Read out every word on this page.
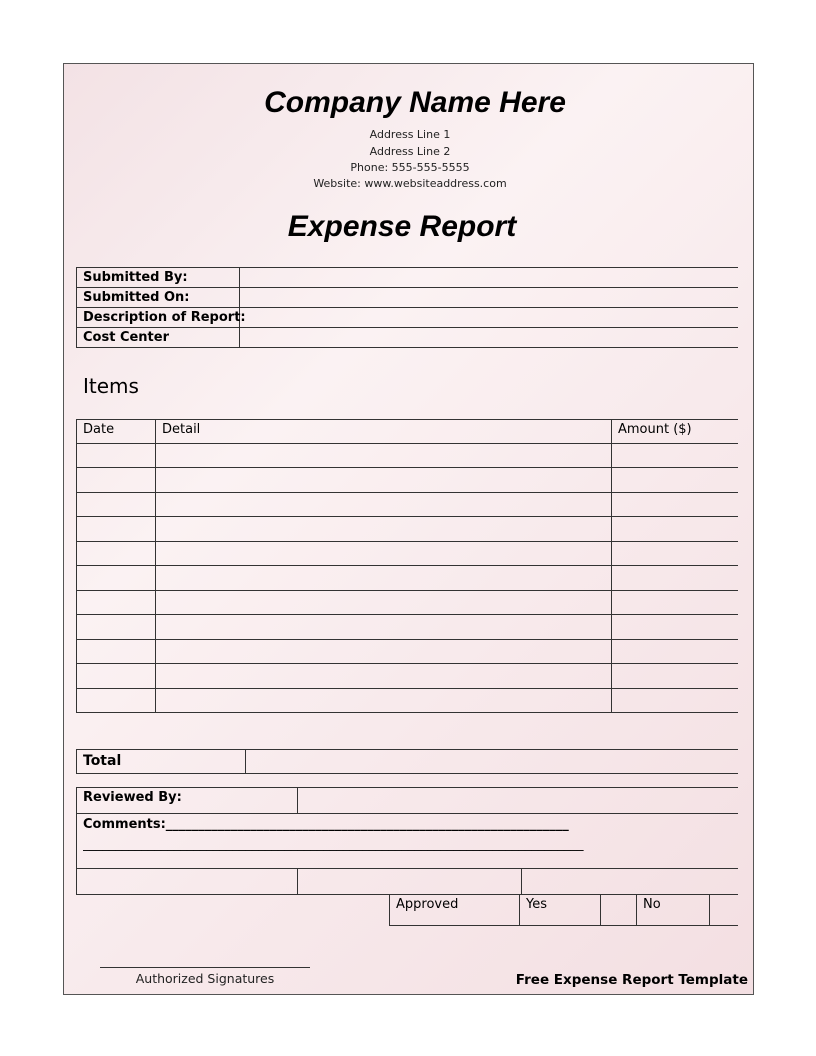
Company Name Here
Address Line 1
Address Line 2
Phone: 555-555-5555
Website: www.websiteaddress.com
Expense Report
Submitted By:
Submitted On:
Description of Report:
Cost Center
Items
Date	Detail	Amount ($)
Total
Reviewed By:
Comments:______________________________________________________________
_____________________________________________________________________________
Approved	Yes	No
Authorized Signatures	Free Expense Report Template
